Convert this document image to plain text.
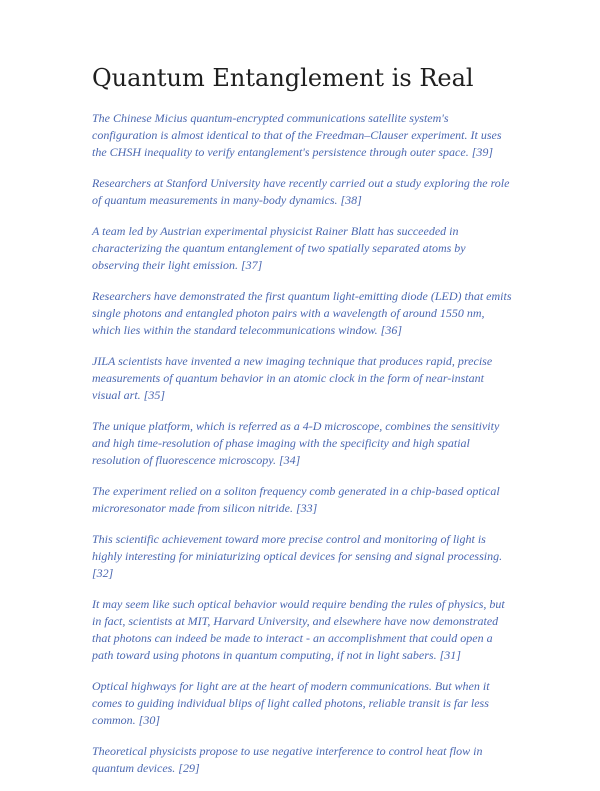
Quantum Entanglement is Real

The Chinese Micius quantum-encrypted communications satellite system's configuration is almost identical to that of the Freedman–Clauser experiment. It uses the CHSH inequality to verify entanglement's persistence through outer space. [39]

Researchers at Stanford University have recently carried out a study exploring the role of quantum measurements in many-body dynamics. [38]

A team led by Austrian experimental physicist Rainer Blatt has succeeded in characterizing the quantum entanglement of two spatially separated atoms by observing their light emission. [37]

Researchers have demonstrated the first quantum light-emitting diode (LED) that emits single photons and entangled photon pairs with a wavelength of around 1550 nm, which lies within the standard telecommunications window. [36]

JILA scientists have invented a new imaging technique that produces rapid, precise measurements of quantum behavior in an atomic clock in the form of near-instant visual art. [35]

The unique platform, which is referred as a 4-D microscope, combines the sensitivity and high time-resolution of phase imaging with the specificity and high spatial resolution of fluorescence microscopy. [34]

The experiment relied on a soliton frequency comb generated in a chip-based optical microresonator made from silicon nitride. [33]

This scientific achievement toward more precise control and monitoring of light is highly interesting for miniaturizing optical devices for sensing and signal processing. [32]

It may seem like such optical behavior would require bending the rules of physics, but in fact, scientists at MIT, Harvard University, and elsewhere have now demonstrated that photons can indeed be made to interact - an accomplishment that could open a path toward using photons in quantum computing, if not in light sabers. [31]

Optical highways for light are at the heart of modern communications. But when it comes to guiding individual blips of light called photons, reliable transit is far less common. [30]

Theoretical physicists propose to use negative interference to control heat flow in quantum devices. [29]
